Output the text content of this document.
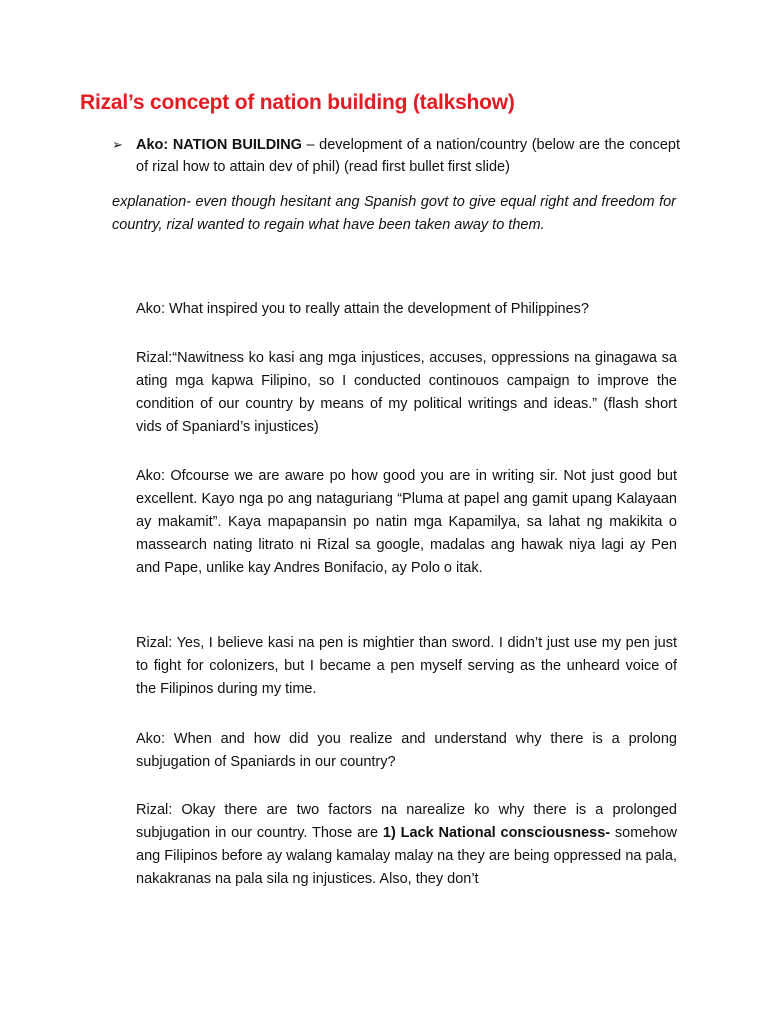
Rizal’s concept of nation building (talkshow)
➢ Ako: NATION BUILDING – development of a nation/country (below are the concept of rizal how to attain dev of phil) (read first bullet first slide)

explanation- even though hesitant ang Spanish govt to give equal right and freedom for country, rizal wanted to regain what have been taken away to them.

Ako: What inspired you to really attain the development of Philippines?

Rizal:“Nawitness ko kasi ang mga injustices, accuses, oppressions na ginagawa sa ating mga kapwa Filipino, so I conducted continouos campaign to improve the condition of our country by means of my political writings and ideas.” (flash short vids of Spaniard’s injustices)

Ako: Ofcourse we are aware po how good you are in writing sir. Not just good but excellent. Kayo nga po ang nataguriang “Pluma at papel ang gamit upang Kalayaan ay makamit”. Kaya mapapansin po natin mga Kapamilya, sa lahat ng makikita o massearch nating litrato ni Rizal sa google, madalas ang hawak niya lagi ay Pen and Pape, unlike kay Andres Bonifacio, ay Polo o itak.

Rizal: Yes, I believe kasi na pen is mightier than sword. I didn’t just use my pen just to fight for colonizers, but I became a pen myself serving as the unheard voice of the Filipinos during my time.

Ako: When and how did you realize and understand why there is a prolong subjugation of Spaniards in our country?

Rizal: Okay there are two factors na narealize ko why there is a prolonged subjugation in our country. Those are 1) Lack National consciousness- somehow ang Filipinos before ay walang kamalay malay na they are being oppressed na pala, nakakranas na pala sila ng injustices. Also, they don’t
